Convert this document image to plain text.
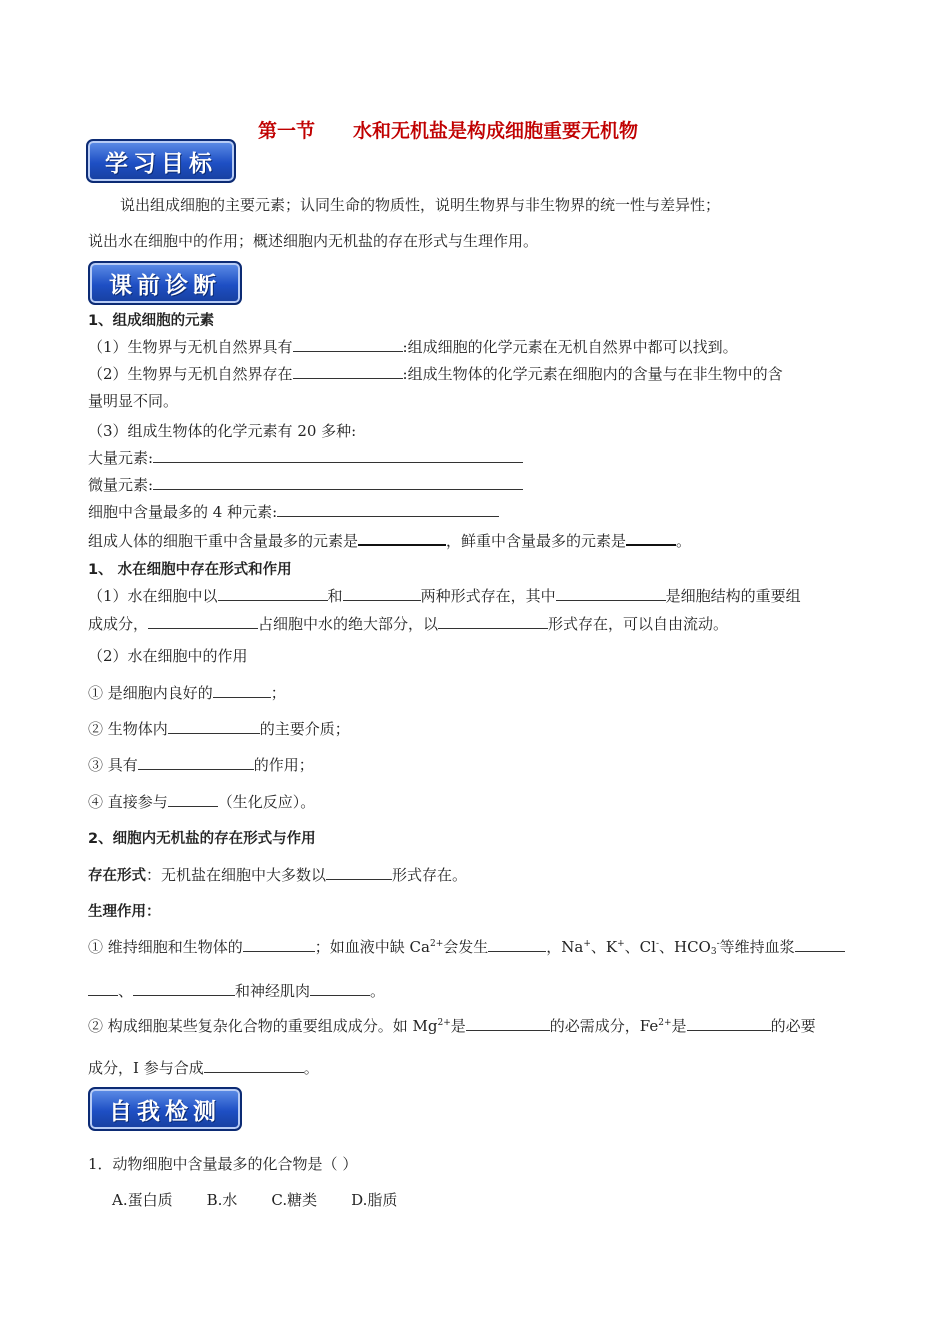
第一节 水和无机盐是构成细胞重要无机物
学习目标
说出组成细胞的主要元素；认同生命的物质性，说明生物界与非生物界的统一性与差异性；
说出水在细胞中的作用；概述细胞内无机盐的存在形式与生理作用。
课前诊断
1、组成细胞的元素
（1）生物界与无机自然界具有	:组成细胞的化学元素在无机自然界中都可以找到。
（2）生物界与无机自然界存在	:组成生物体的化学元素在细胞内的含量与在非生物中的含
量明显不同。
（3）组成生物体的化学元素有 20 多种:
大量元素:
微量元素:
细胞中含量最多的 4 种元素:
组成人体的细胞干重中含量最多的元素是	，鲜重中含量最多的元素是	。
1、 水在细胞中存在形式和作用
（1）水在细胞中以	和	两种形式存在，其中	是细胞结构的重要组
成成分，	占细胞中水的绝大部分，以	形式存在，可以自由流动。
（2）水在细胞中的作用
① 是细胞内良好的	；
② 生物体内	的主要介质；
③ 具有	的作用；
④ 直接参与	（生化反应）。
2、细胞内无机盐的存在形式与作用
存在形式：无机盐在细胞中大多数以	形式存在。
生理作用：
① 维持细胞和生物体的	；如血液中缺 $Ca^{2+}$会发生	，Na+、K+、Cl-、$HCO_3^-$等维持血浆
、	和神经肌肉	。
② 构成细胞某些复杂化合物的重要组成成分。如 $Mg^{2+}$是	的必需成分，$Fe^{2+}$是	的必要
成分，I 参与合成	。
自我检测
1．动物细胞中含量最多的化合物是（ ）
A.蛋白质 B.水 C.糖类 D.脂质
